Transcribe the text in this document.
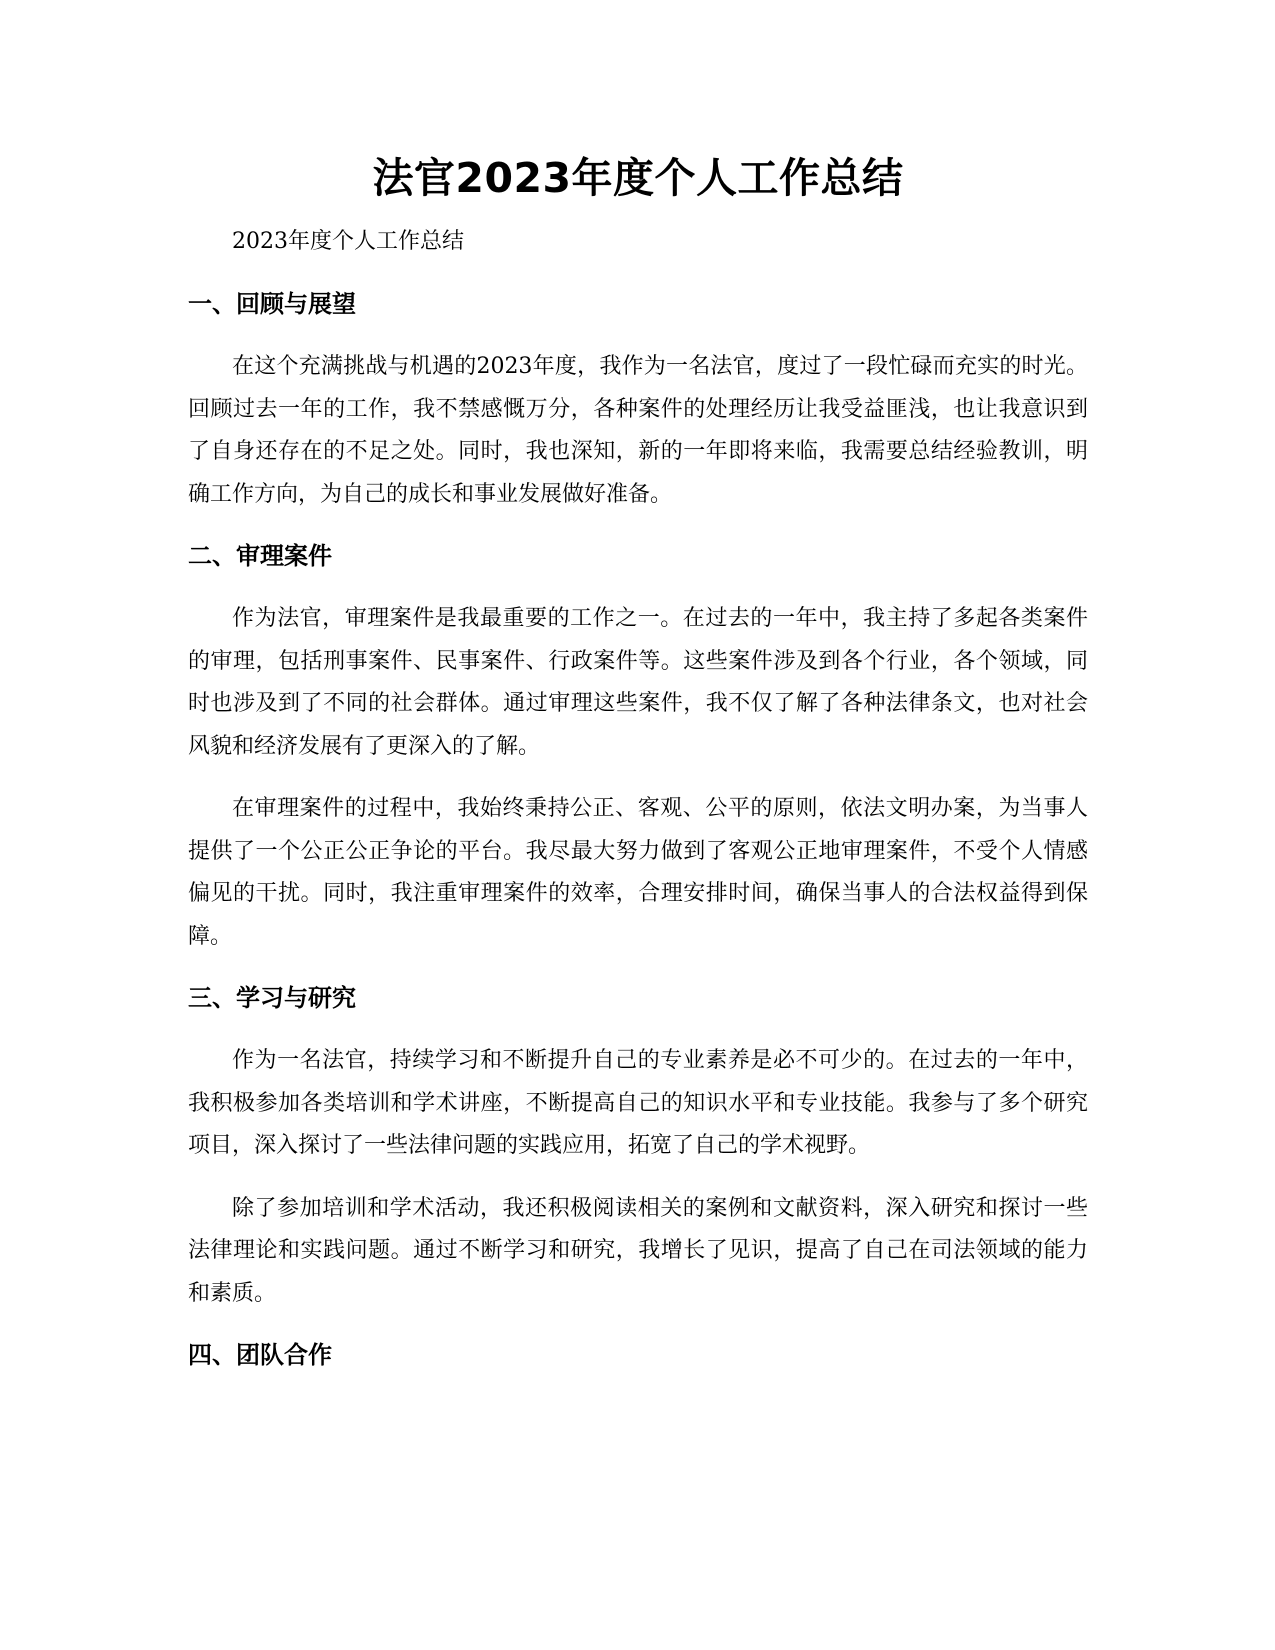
法官2023年度个人工作总结

2023年度个人工作总结

一、回顾与展望

在这个充满挑战与机遇的2023年度，我作为一名法官，度过了一段忙碌而充实的时光。回顾过去一年的工作，我不禁感慨万分，各种案件的处理经历让我受益匪浅，也让我意识到了自身还存在的不足之处。同时，我也深知，新的一年即将来临，我需要总结经验教训，明确工作方向，为自己的成长和事业发展做好准备。

二、审理案件

作为法官，审理案件是我最重要的工作之一。在过去的一年中，我主持了多起各类案件的审理，包括刑事案件、民事案件、行政案件等。这些案件涉及到各个行业，各个领域，同时也涉及到了不同的社会群体。通过审理这些案件，我不仅了解了各种法律条文，也对社会风貌和经济发展有了更深入的了解。

在审理案件的过程中，我始终秉持公正、客观、公平的原则，依法文明办案，为当事人提供了一个公正公正争论的平台。我尽最大努力做到了客观公正地审理案件，不受个人情感偏见的干扰。同时，我注重审理案件的效率，合理安排时间，确保当事人的合法权益得到保障。

三、学习与研究

作为一名法官，持续学习和不断提升自己的专业素养是必不可少的。在过去的一年中，我积极参加各类培训和学术讲座，不断提高自己的知识水平和专业技能。我参与了多个研究项目，深入探讨了一些法律问题的实践应用，拓宽了自己的学术视野。

除了参加培训和学术活动，我还积极阅读相关的案例和文献资料，深入研究和探讨一些法律理论和实践问题。通过不断学习和研究，我增长了见识，提高了自己在司法领域的能力和素质。

四、团队合作
